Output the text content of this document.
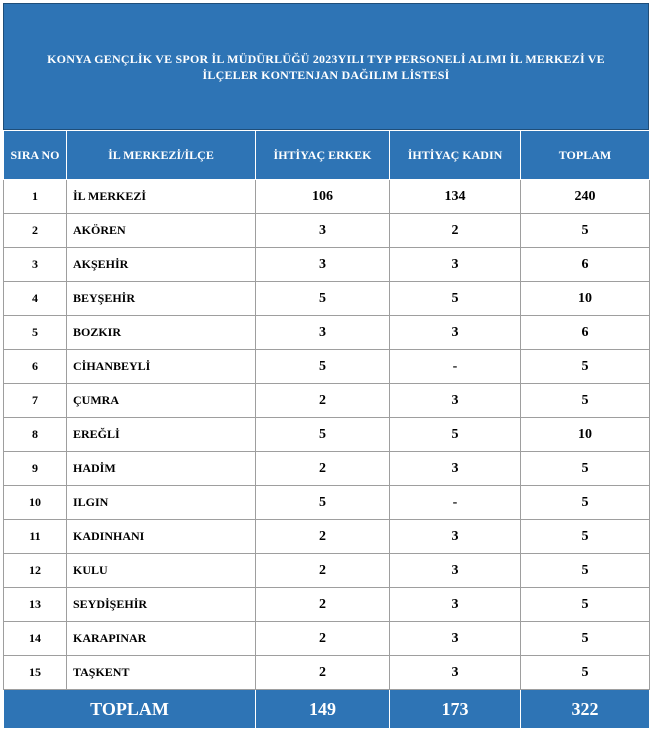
KONYA GENÇLİK VE SPOR İL MÜDÜRLÜĞÜ 2023YILI TYP PERSONELİ ALIMI İL MERKEZİ VE İLÇELER KONTENJAN DAĞILIM LİSTESİ
SIRA NO	İL MERKEZİ/İLÇE	İHTİYAÇ ERKEK	İHTİYAÇ KADIN	TOPLAM
1	İL MERKEZİ	106	134	240
2	AKÖREN	3	2	5
3	AKŞEHİR	3	3	6
4	BEYŞEHİR	5	5	10
5	BOZKIR	3	3	6
6	CİHANBEYLİ	5	-	5
7	ÇUMRA	2	3	5
8	EREĞLİ	5	5	10
9	HADİM	2	3	5
10	ILGIN	5	-	5
11	KADINHANI	2	3	5
12	KULU	2	3	5
13	SEYDİŞEHİR	2	3	5
14	KARAPINAR	2	3	5
15	TAŞKENT	2	3	5
TOPLAM		149	173	322
